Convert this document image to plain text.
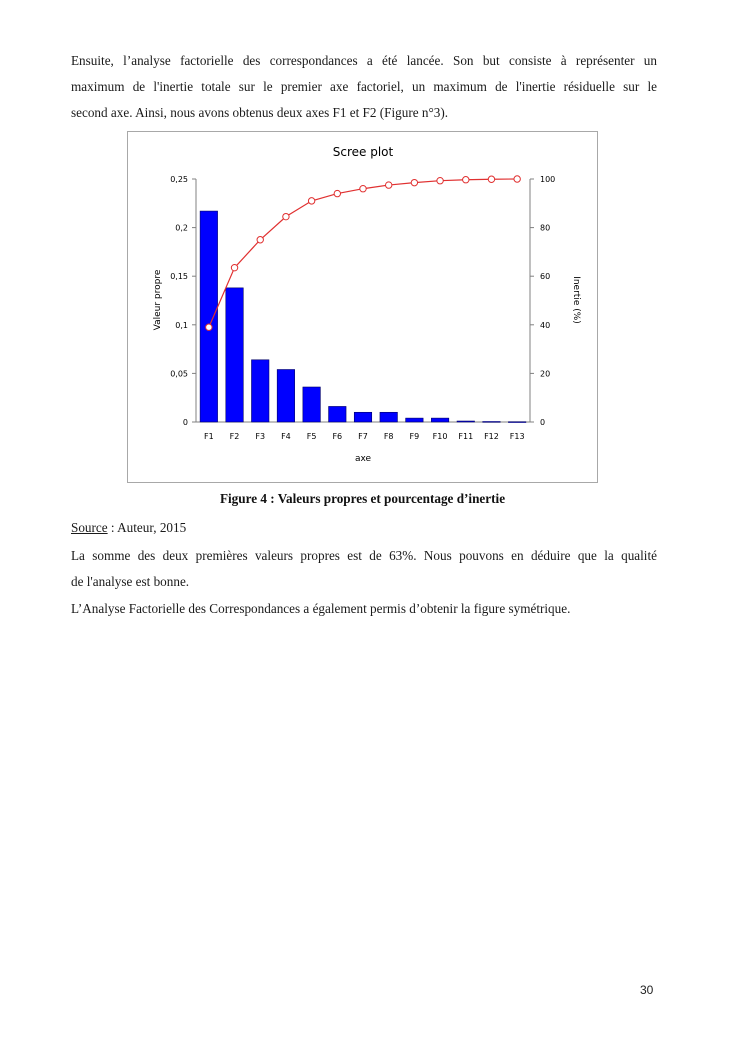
Ensuite, l’analyse factorielle des correspondances a été lancée. Son but consiste à représenter un
maximum de l'inertie totale sur le premier axe factoriel, un maximum de l'inertie résiduelle sur le
second axe. Ainsi, nous avons obtenus deux axes F1 et F2 (Figure n°3).
Scree plot
Valeur propre	Inertie (%)
axe
0
0,05
0,1
0,15
0,2
0,25
0
20
40
60
80
100
F1 F2 F3 F4 F5 F6 F7 F8 F9 F10 F11 F12 F13
Figure 4 : Valeurs propres et pourcentage d’inertie
Source : Auteur, 2015
La somme des deux premières valeurs propres est de 63%. Nous pouvons en déduire que la qualité
de l'analyse est bonne.
L’Analyse Factorielle des Correspondances a également permis d’obtenir la figure symétrique.
30
